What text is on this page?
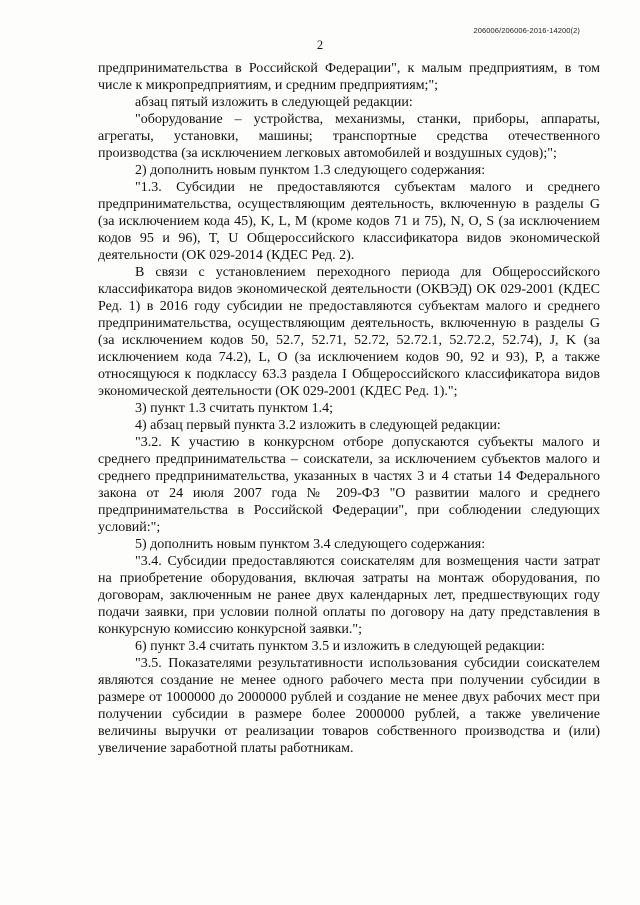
206006/206006-2016-14200(2)
2

предпринимательства в Российской Федерации", к малым предприятиям, в том числе к микропредприятиям, и средним предприятиям;";

абзац пятый изложить в следующей редакции:

"оборудование – устройства, механизмы, станки, приборы, аппараты, агрегаты, установки, машины; транспортные средства отечественного производства (за исключением легковых автомобилей и воздушных судов);";

2) дополнить новым пунктом 1.3 следующего содержания:

"1.3. Субсидии не предоставляются субъектам малого и среднего предпринимательства, осуществляющим деятельность, включенную в разделы G (за исключением кода 45), K, L, M (кроме кодов 71 и 75), N, O, S (за исключением кодов 95 и 96), T, U Общероссийского классификатора видов экономической деятельности (ОК 029-2014 (КДЕС Ред. 2).

В связи с установлением переходного периода для Общероссийского классификатора видов экономической деятельности (ОКВЭД) ОК 029-2001 (КДЕС Ред. 1) в 2016 году субсидии не предоставляются субъектам малого и среднего предпринимательства, осуществляющим деятельность, включенную в разделы G (за исключением кодов 50, 52.7, 52.71, 52.72, 52.72.1, 52.72.2, 52.74), J, K (за исключением кода 74.2), L, O (за исключением кодов 90, 92 и 93), P, а также относящуюся к подклассу 63.3 раздела I Общероссийского классификатора видов экономической деятельности (ОК 029-2001 (КДЕС Ред. 1).";

3) пункт 1.3 считать пунктом 1.4;

4) абзац первый пункта 3.2 изложить в следующей редакции:

"3.2. К участию в конкурсном отборе допускаются субъекты малого и среднего предпринимательства – соискатели, за исключением субъектов малого и среднего предпринимательства, указанных в частях 3 и 4 статьи 14 Федерального закона от 24 июля 2007 года № 209-ФЗ "О развитии малого и среднего предпринимательства в Российской Федерации", при соблюдении следующих условий:";

5) дополнить новым пунктом 3.4 следующего содержания:

"3.4. Субсидии предоставляются соискателям для возмещения части затрат на приобретение оборудования, включая затраты на монтаж оборудования, по договорам, заключенным не ранее двух календарных лет, предшествующих году подачи заявки, при условии полной оплаты по договору на дату представления в конкурсную комиссию конкурсной заявки.";

6) пункт 3.4 считать пунктом 3.5 и изложить в следующей редакции:

"3.5. Показателями результативности использования субсидии соискателем являются создание не менее одного рабочего места при получении субсидии в размере от 1000000 до 2000000 рублей и создание не менее двух рабочих мест при получении субсидии в размере более 2000000 рублей, а также увеличение величины выручки от реализации товаров собственного производства и (или) увеличение заработной платы работникам.
